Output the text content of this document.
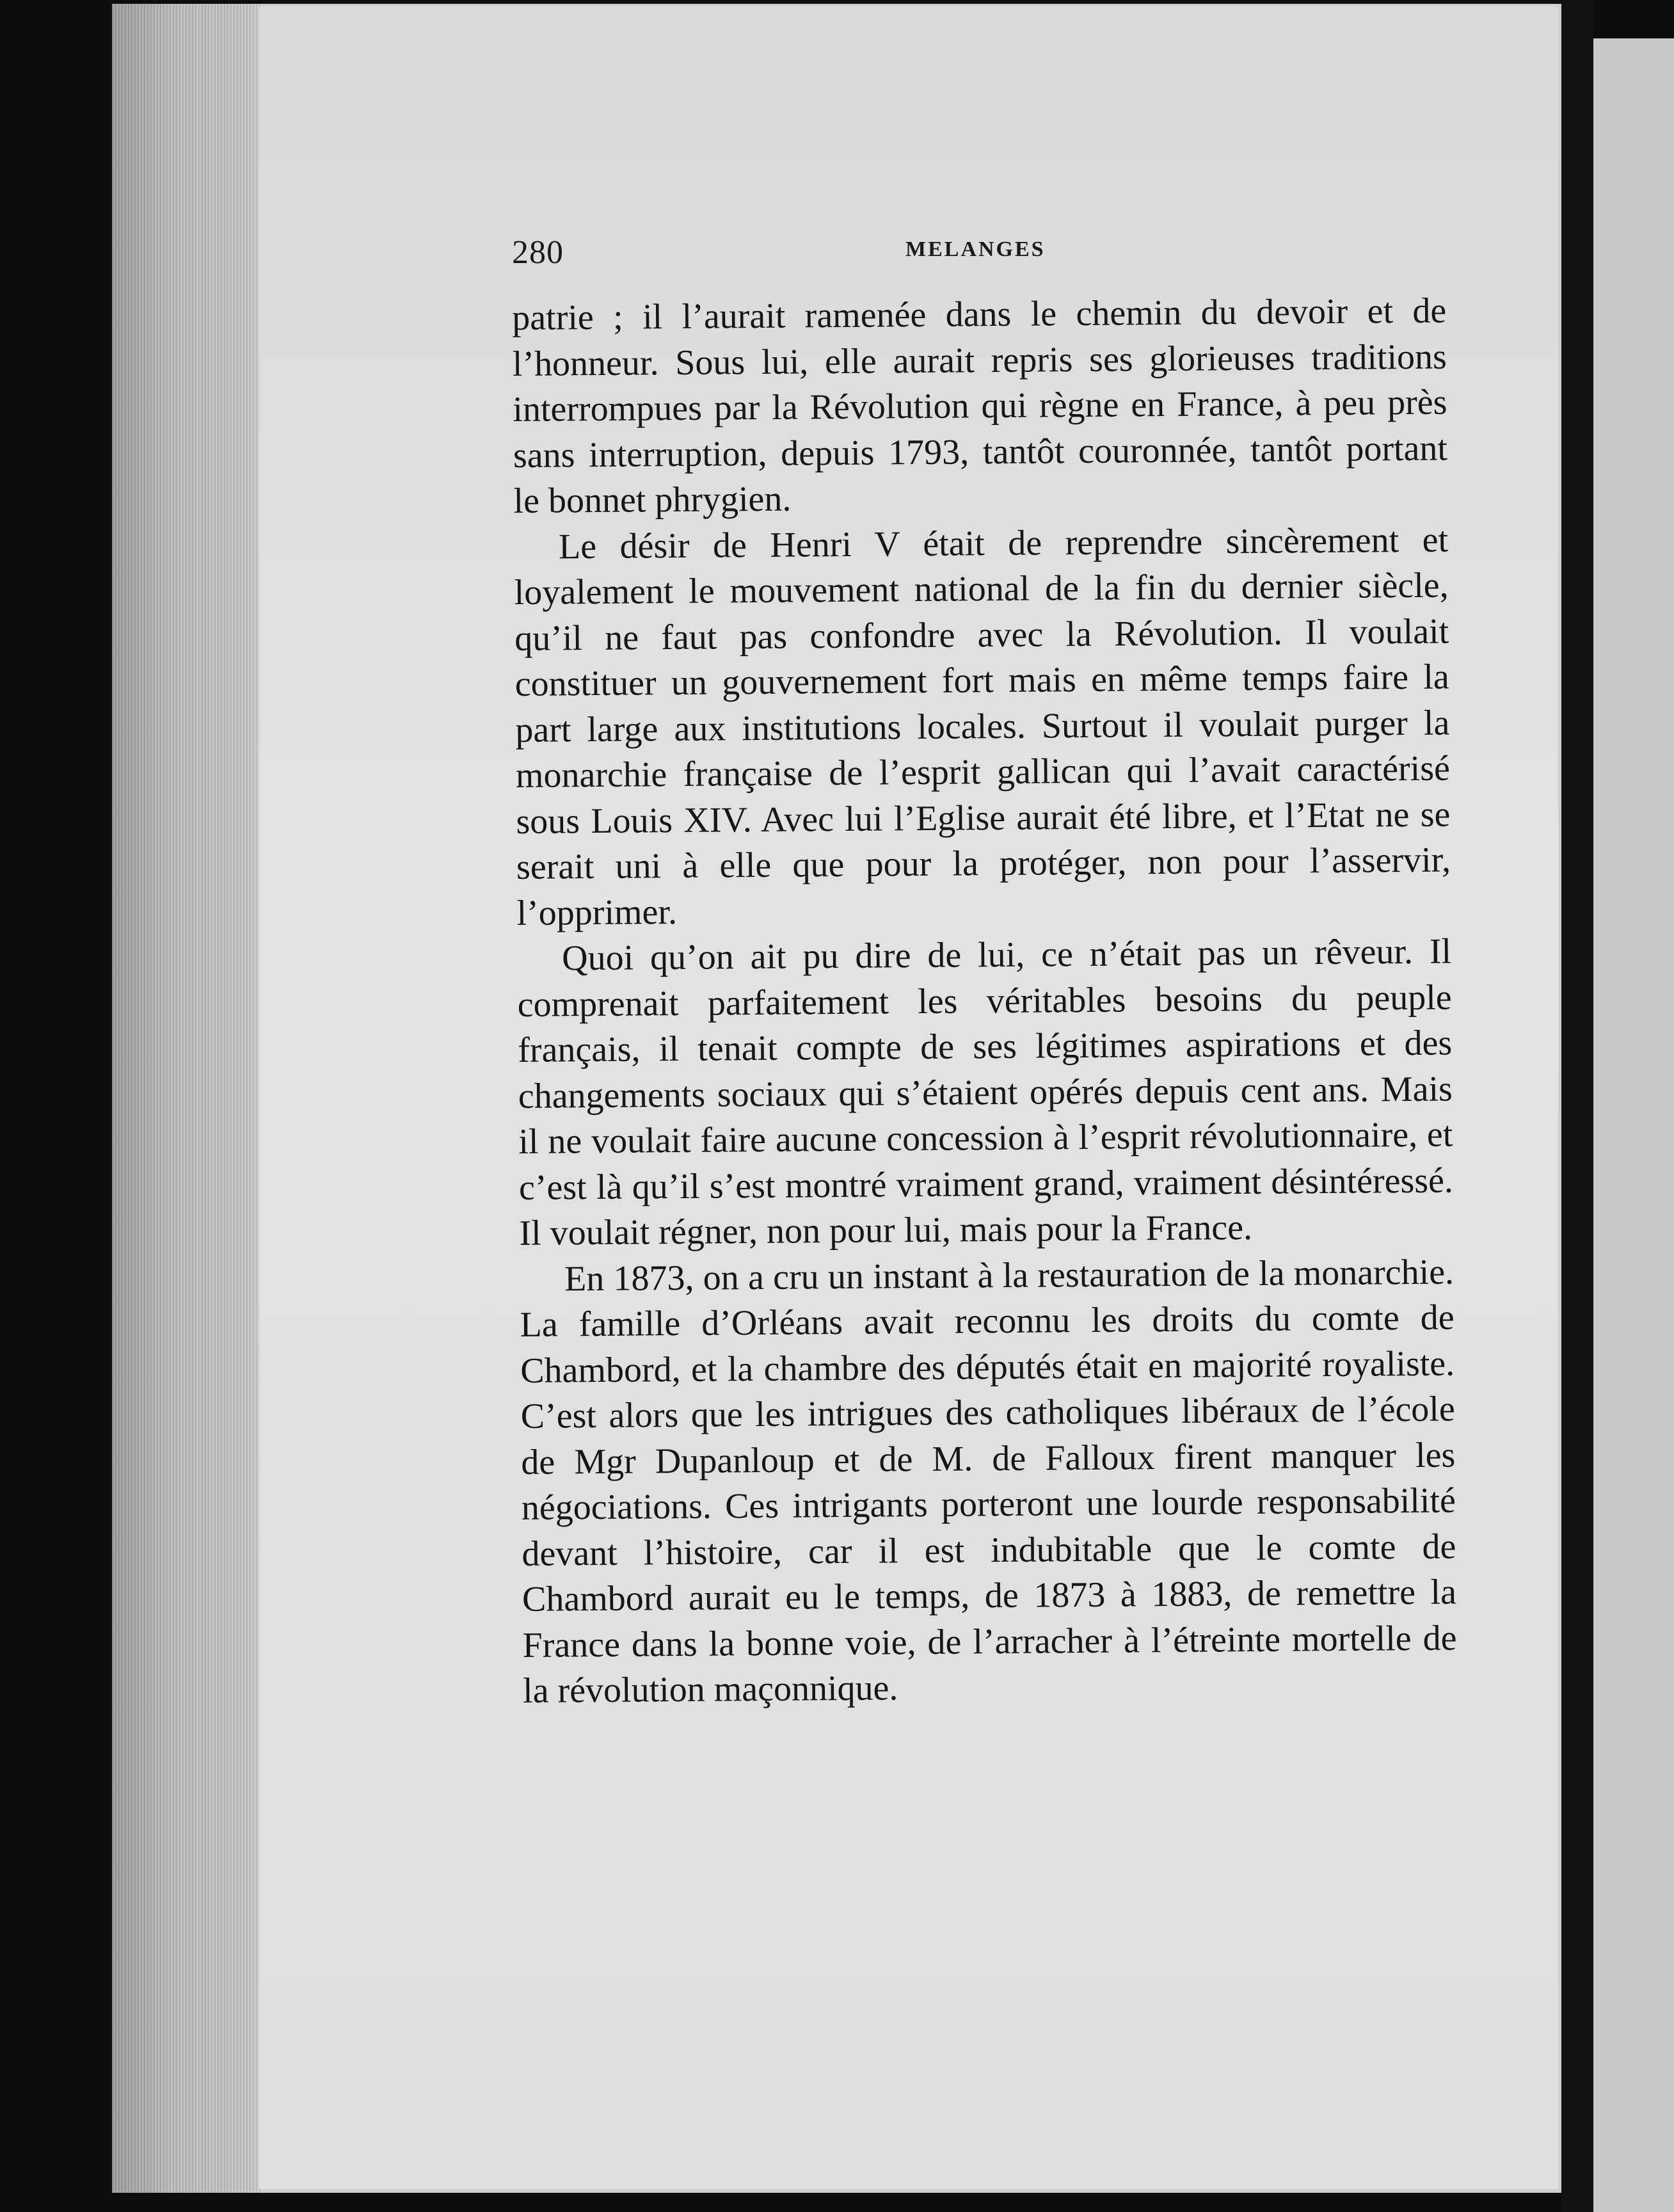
280	MELANGES

patrie ; il l’aurait ramenée dans le chemin du devoir et de l’honneur. Sous lui, elle aurait repris ses glorieuses traditions interrompues par la Révolution qui règne en France, à peu près sans interruption, depuis 1793, tantôt couronnée, tantôt portant le bonnet phrygien.

Le désir de Henri V était de reprendre sincèrement et loyalement le mouvement national de la fin du dernier siècle, qu’il ne faut pas confondre avec la Révolution. Il voulait constituer un gouvernement fort mais en même temps faire la part large aux institutions locales. Surtout il voulait purger la monarchie française de l’esprit gallican qui l’avait caractérisé sous Louis XIV. Avec lui l’Eglise aurait été libre, et l’Etat ne se serait uni à elle que pour la protéger, non pour l’asservir, l’opprimer.

Quoi qu’on ait pu dire de lui, ce n’était pas un rêveur. Il comprenait parfaitement les véritables besoins du peuple français, il tenait compte de ses légitimes aspirations et des changements sociaux qui s’étaient opérés depuis cent ans. Mais il ne voulait faire aucune concession à l’esprit révolutionnaire, et c’est là qu’il s’est montré vraiment grand, vraiment désintéressé. Il voulait régner, non pour lui, mais pour la France.

En 1873, on a cru un instant à la restauration de la monarchie. La famille d’Orléans avait reconnu les droits du comte de Chambord, et la chambre des députés était en majorité royaliste. C’est alors que les intrigues des catholiques libéraux de l’école de Mgr Dupanloup et de M. de Falloux firent manquer les négociations. Ces intrigants porteront une lourde responsabilité devant l’histoire, car il est indubitable que le comte de Chambord aurait eu le temps, de 1873 à 1883, de remettre la France dans la bonne voie, de l’arracher à l’étreinte mortelle de la révolution maçonnique.
